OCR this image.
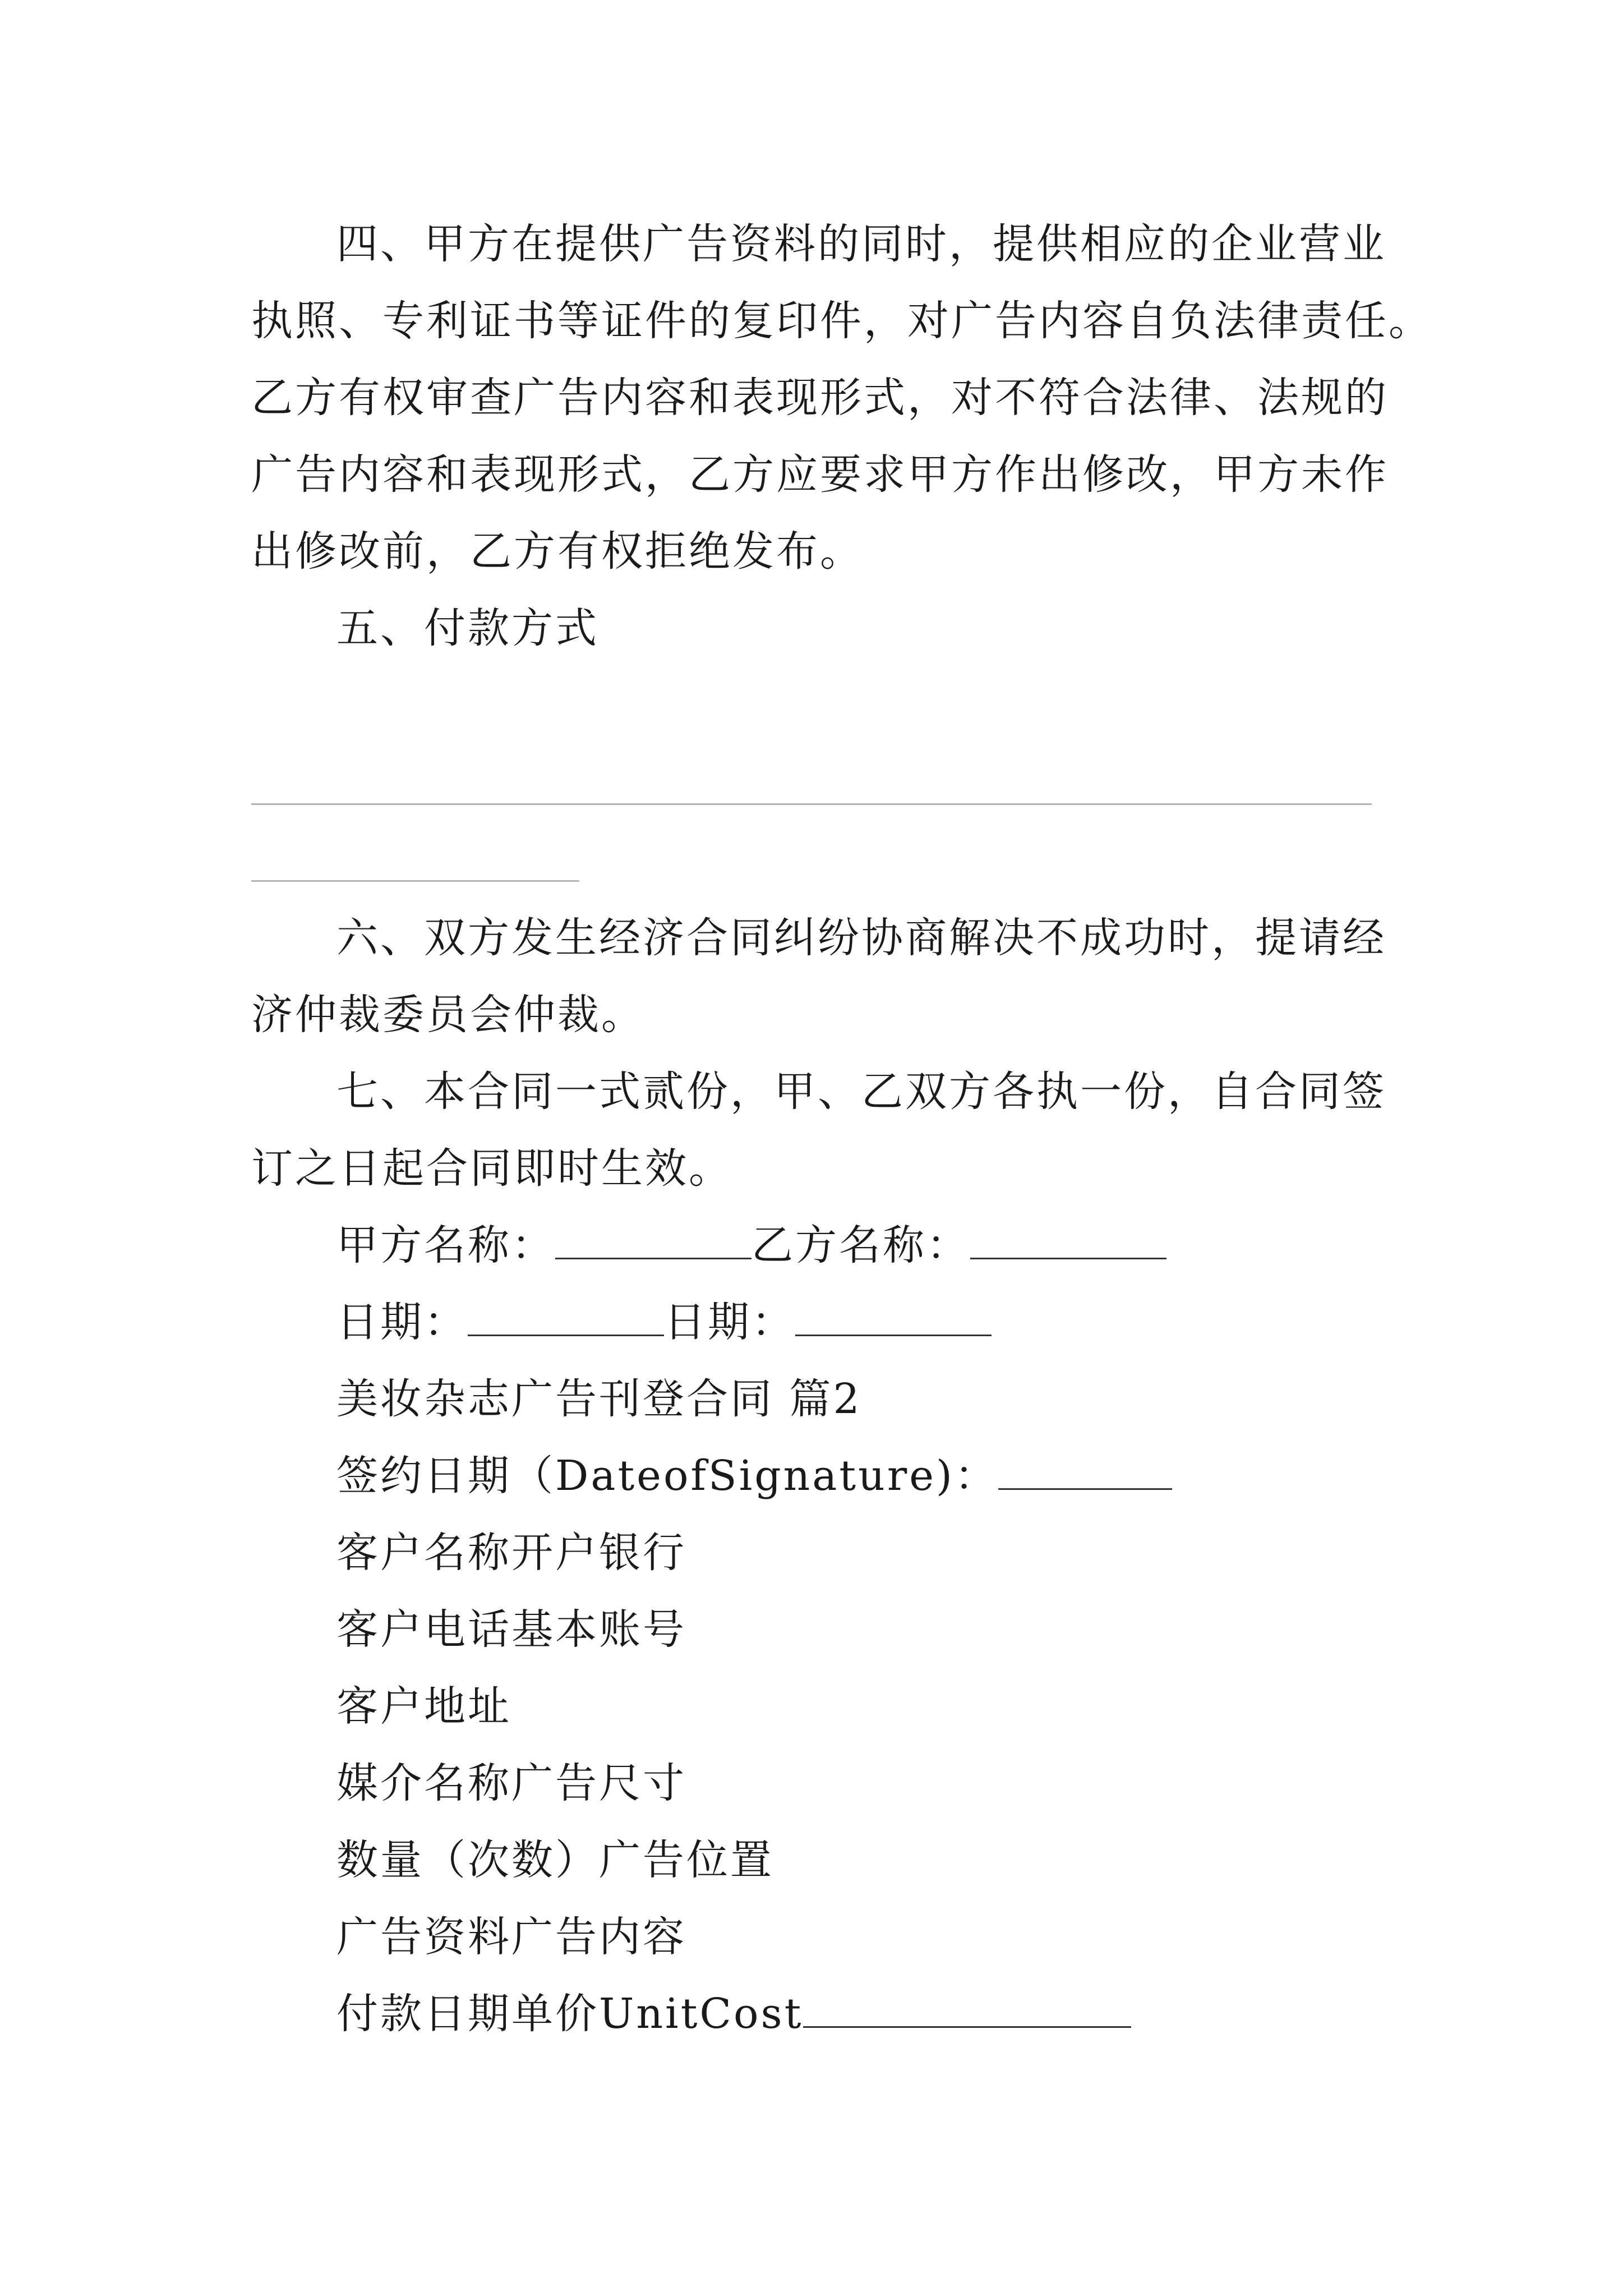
四、甲方在提供广告资料的同时，提供相应的企业营业
执照、专利证书等证件的复印件，对广告内容自负法律责任。
乙方有权审查广告内容和表现形式，对不符合法律、法规的
广告内容和表现形式，乙方应要求甲方作出修改，甲方未作
出修改前，乙方有权拒绝发布。
五、付款方式
六、双方发生经济合同纠纷协商解决不成功时，提请经
济仲裁委员会仲裁。
七、本合同一式贰份，甲、乙双方各执一份，自合同签
订之日起合同即时生效。
甲方名称：	乙方名称：
日期：	日期：
美妆杂志广告刊登合同 篇2
签约日期（DateofSignature)：
客户名称开户银行
客户电话基本账号
客户地址
媒介名称广告尺寸
数量（次数）广告位置
广告资料广告内容
付款日期单价UnitCost
